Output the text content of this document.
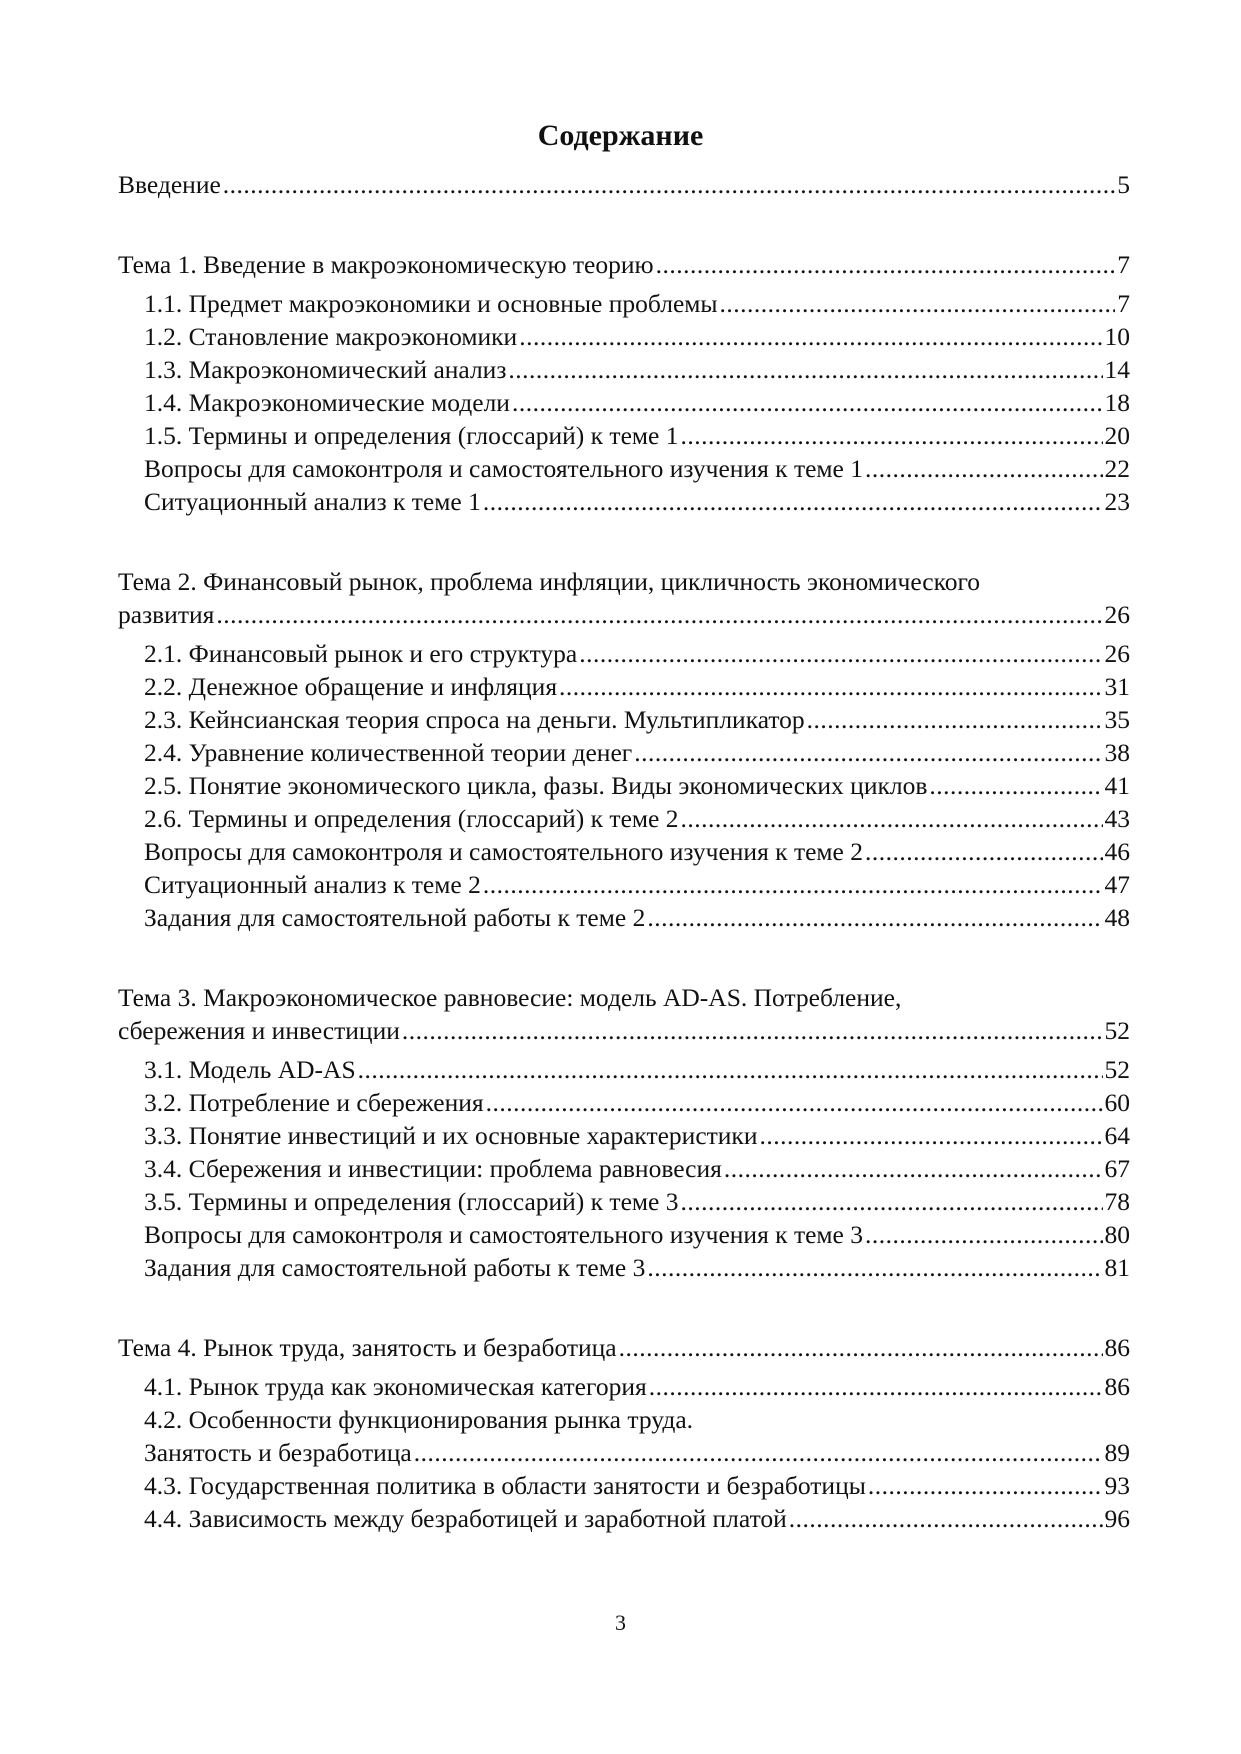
Содержание
Введение .....	5
Тема 1. Введение в макроэкономическую теорию .....	7
1.1. Предмет макроэкономики и основные проблемы .....	7
1.2. Становление макроэкономики .....	10
1.3. Макроэкономический анализ .....	14
1.4. Макроэкономические модели .....	18
1.5. Термины и определения (глоссарий) к теме 1 .....	20
Вопросы для самоконтроля и самостоятельного изучения к теме 1 .....	22
Ситуационный анализ к теме 1 .....	23
Тема 2. Финансовый рынок, проблема инфляции, цикличность экономического
развития .....	26
2.1. Финансовый рынок и его структура .....	26
2.2. Денежное обращение и инфляция .....	31
2.3. Кейнсианская теория спроса на деньги. Мультипликатор .....	35
2.4. Уравнение количественной теории денег .....	38
2.5. Понятие экономического цикла, фазы. Виды экономических циклов .....	41
2.6. Термины и определения (глоссарий) к теме 2 .....	43
Вопросы для самоконтроля и самостоятельного изучения к теме 2 .....	46
Ситуационный анализ к теме 2 .....	47
Задания для самостоятельной работы к теме 2 .....	48
Тема 3. Макроэкономическое равновесие: модель AD-AS. Потребление,
сбережения и инвестиции .....	52
3.1. Модель AD-AS .....	52
3.2. Потребление и сбережения .....	60
3.3. Понятие инвестиций и их основные характеристики .....	64
3.4. Сбережения и инвестиции: проблема равновесия .....	67
3.5. Термины и определения (глоссарий) к теме 3 .....	78
Вопросы для самоконтроля и самостоятельного изучения к теме 3 .....	80
Задания для самостоятельной работы к теме 3 .....	81
Тема 4. Рынок труда, занятость и безработица .....	86
4.1. Рынок труда как экономическая категория .....	86
4.2. Особенности функционирования рынка труда.
Занятость и безработица .....	89
4.3. Государственная политика в области занятости и безработицы .....	93
4.4. Зависимость между безработицей и заработной платой .....	96
3
